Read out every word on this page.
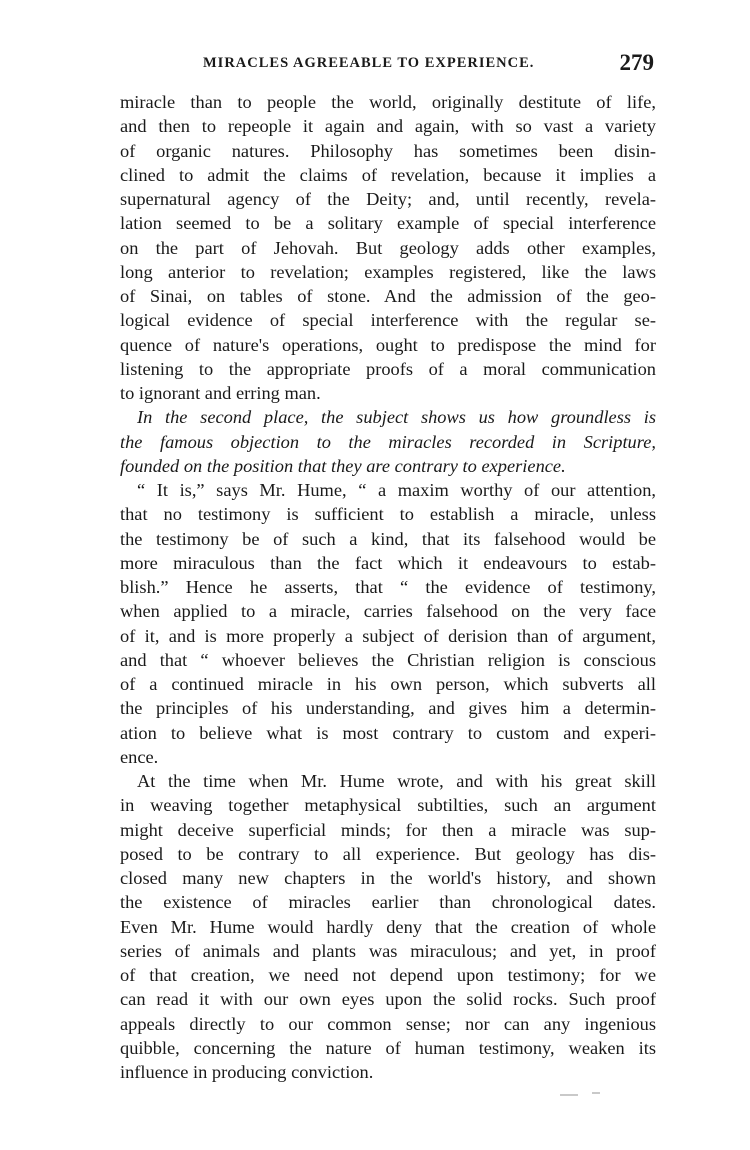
MIRACLES AGREEABLE TO EXPERIENCE.	279
miracle than to people the world, originally destitute of life,
and then to repeople it again and again, with so vast a variety
of organic natures. Philosophy has sometimes been disin-
clined to admit the claims of revelation, because it implies a
supernatural agency of the Deity; and, until recently, revela-
lation seemed to be a solitary example of special interference
on the part of Jehovah. But geology adds other examples,
long anterior to revelation; examples registered, like the laws
of Sinai, on tables of stone. And the admission of the geo-
logical evidence of special interference with the regular se-
quence of nature's operations, ought to predispose the mind for
listening to the appropriate proofs of a moral communication
to ignorant and erring man.
In the second place, the subject shows us how groundless is
the famous objection to the miracles recorded in Scripture,
founded on the position that they are contrary to experience.
“ It is,” says Mr. Hume, “ a maxim worthy of our attention,
that no testimony is sufficient to establish a miracle, unless
the testimony be of such a kind, that its falsehood would be
more miraculous than the fact which it endeavours to estab-
blish.” Hence he asserts, that “ the evidence of testimony,
when applied to a miracle, carries falsehood on the very face
of it, and is more properly a subject of derision than of argument,
and that “ whoever believes the Christian religion is conscious
of a continued miracle in his own person, which subverts all
the principles of his understanding, and gives him a determin-
ation to believe what is most contrary to custom and experi-
ence.
At the time when Mr. Hume wrote, and with his great skill
in weaving together metaphysical subtilties, such an argument
might deceive superficial minds; for then a miracle was sup-
posed to be contrary to all experience. But geology has dis-
closed many new chapters in the world's history, and shown
the existence of miracles earlier than chronological dates.
Even Mr. Hume would hardly deny that the creation of whole
series of animals and plants was miraculous; and yet, in proof
of that creation, we need not depend upon testimony; for we
can read it with our own eyes upon the solid rocks. Such proof
appeals directly to our common sense; nor can any ingenious
quibble, concerning the nature of human testimony, weaken its
influence in producing conviction.
